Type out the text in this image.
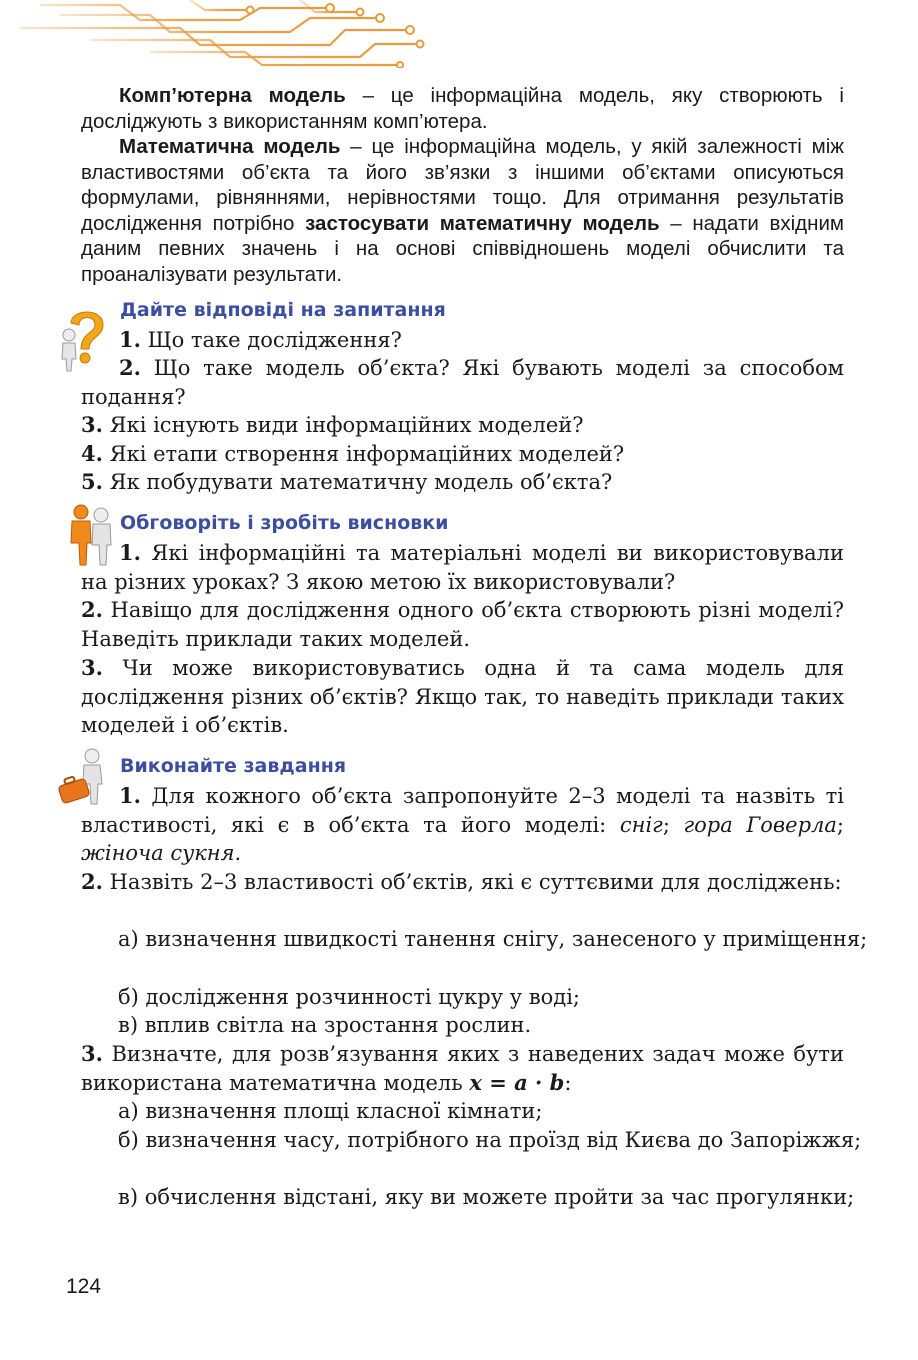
Комп’ютерна модель – це інформаційна модель, яку створюють і досліджують з використанням комп’ютера.

Математична модель – це інформаційна модель, у якій залежності між властивостями об’єкта та його зв’язки з іншими об’єктами описуються формулами, рівняннями, нерівностями тощо. Для отримання результатів дослідження потрібно застосувати математичну модель – надати вхідним даним певних значень і на основі співвідношень моделі обчислити та проаналізувати результати.

Дайте відповіді на запитання

1. Що таке дослідження?

2. Що таке модель об’єкта? Які бувають моделі за способом подання?

3. Які існують види інформаційних моделей?

4. Які етапи створення інформаційних моделей?

5. Як побудувати математичну модель об’єкта?

Обговоріть і зробіть висновки

1. Які інформаційні та матеріальні моделі ви використовували на різних уроках? З якою метою їх використовували?

2. Навіщо для дослідження одного об’єкта створюють різні моделі? Наведіть приклади таких моделей.

3. Чи може використовуватись одна й та сама модель для дослідження різних об’єктів? Якщо так, то наведіть приклади таких моделей і об’єктів.

Виконайте завдання

1. Для кожного об’єкта запропонуйте 2–3 моделі та назвіть ті властивості, які є в об’єкта та його моделі: сніг; гора Говерла; жіноча сукня.

2. Назвіть 2–3 властивості об’єктів, які є суттєвими для досліджень:

а) визначення швидкості танення снігу, занесеного у приміщення;

б) дослідження розчинності цукру у воді;

в) вплив світла на зростання рослин.

3. Визначте, для розв’язування яких з наведених задач може бути використана математична модель x = a · b:

а) визначення площі класної кімнати;

б) визначення часу, потрібного на проїзд від Києва до Запоріжжя;

в) обчислення відстані, яку ви можете пройти за час прогулянки;

124
